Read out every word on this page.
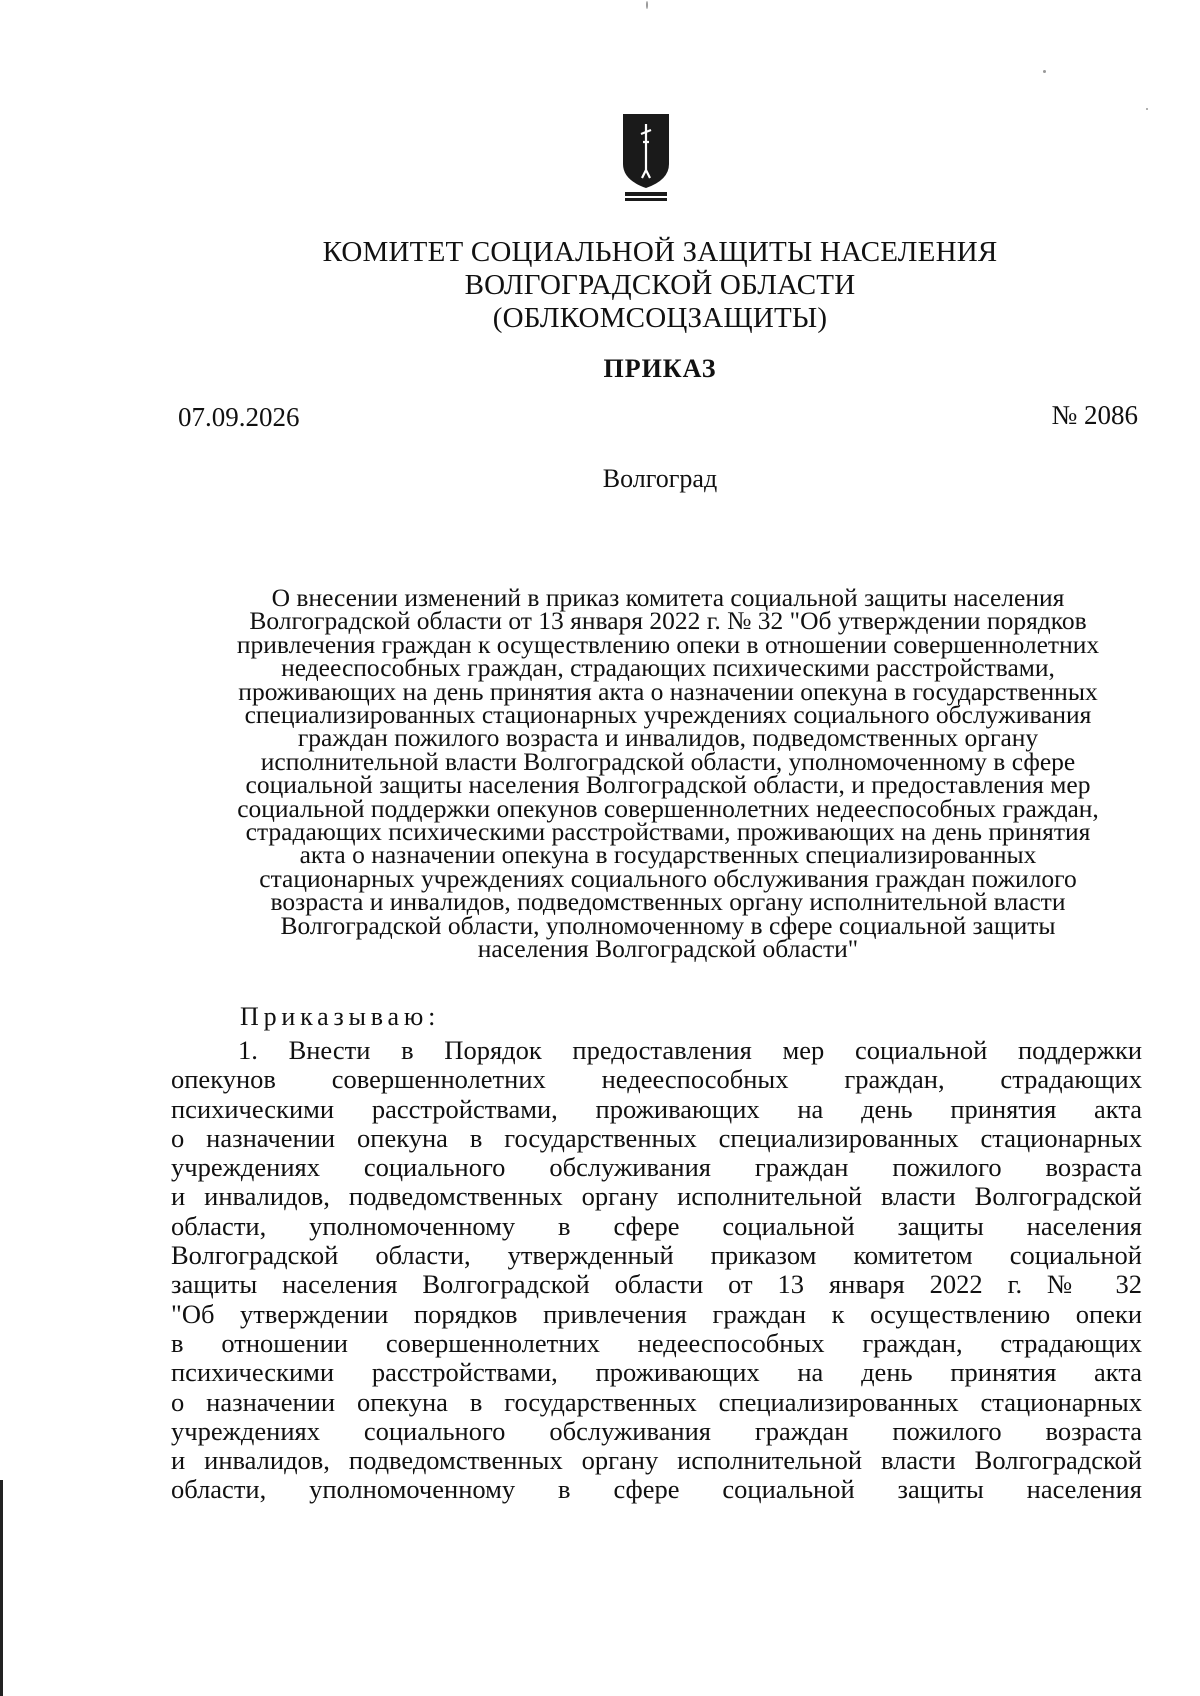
КОМИТЕТ СОЦИАЛЬНОЙ ЗАЩИТЫ НАСЕЛЕНИЯ
ВОЛГОГРАДСКОЙ ОБЛАСТИ
(ОБЛКОМСОЦЗАЩИТЫ)
ПРИКАЗ
07.09.2026	№ 2086
Волгоград
О внесении изменений в приказ комитета социальной защиты населения
Волгоградской области от 13 января 2022 г. № 32 "Об утверждении порядков
привлечения граждан к осуществлению опеки в отношении совершеннолетних
недееспособных граждан, страдающих психическими расстройствами,
проживающих на день принятия акта о назначении опекуна в государственных
специализированных стационарных учреждениях социального обслуживания
граждан пожилого возраста и инвалидов, подведомственных органу
исполнительной власти Волгоградской области, уполномоченному в сфере
социальной защиты населения Волгоградской области, и предоставления мер
социальной поддержки опекунов совершеннолетних недееспособных граждан,
страдающих психическими расстройствами, проживающих на день принятия
акта о назначении опекуна в государственных специализированных
стационарных учреждениях социального обслуживания граждан пожилого
возраста и инвалидов, подведомственных органу исполнительной власти
Волгоградской области, уполномоченному в сфере социальной защиты
населения Волгоградской области"
Приказываю:
1. Внести в Порядок предоставления мер социальной поддержки
опекунов совершеннолетних недееспособных граждан, страдающих
психическими расстройствами, проживающих на день принятия акта
о назначении опекуна в государственных специализированных стационарных
учреждениях социального обслуживания граждан пожилого возраста
и инвалидов, подведомственных органу исполнительной власти Волгоградской
области, уполномоченному в сфере социальной защиты населения
Волгоградской области, утвержденный приказом комитетом социальной
защиты населения Волгоградской области от 13 января 2022 г. № 32
"Об утверждении порядков привлечения граждан к осуществлению опеки
в отношении совершеннолетних недееспособных граждан, страдающих
психическими расстройствами, проживающих на день принятия акта
о назначении опекуна в государственных специализированных стационарных
учреждениях социального обслуживания граждан пожилого возраста
и инвалидов, подведомственных органу исполнительной власти Волгоградской
области, уполномоченному в сфере социальной защиты населения
